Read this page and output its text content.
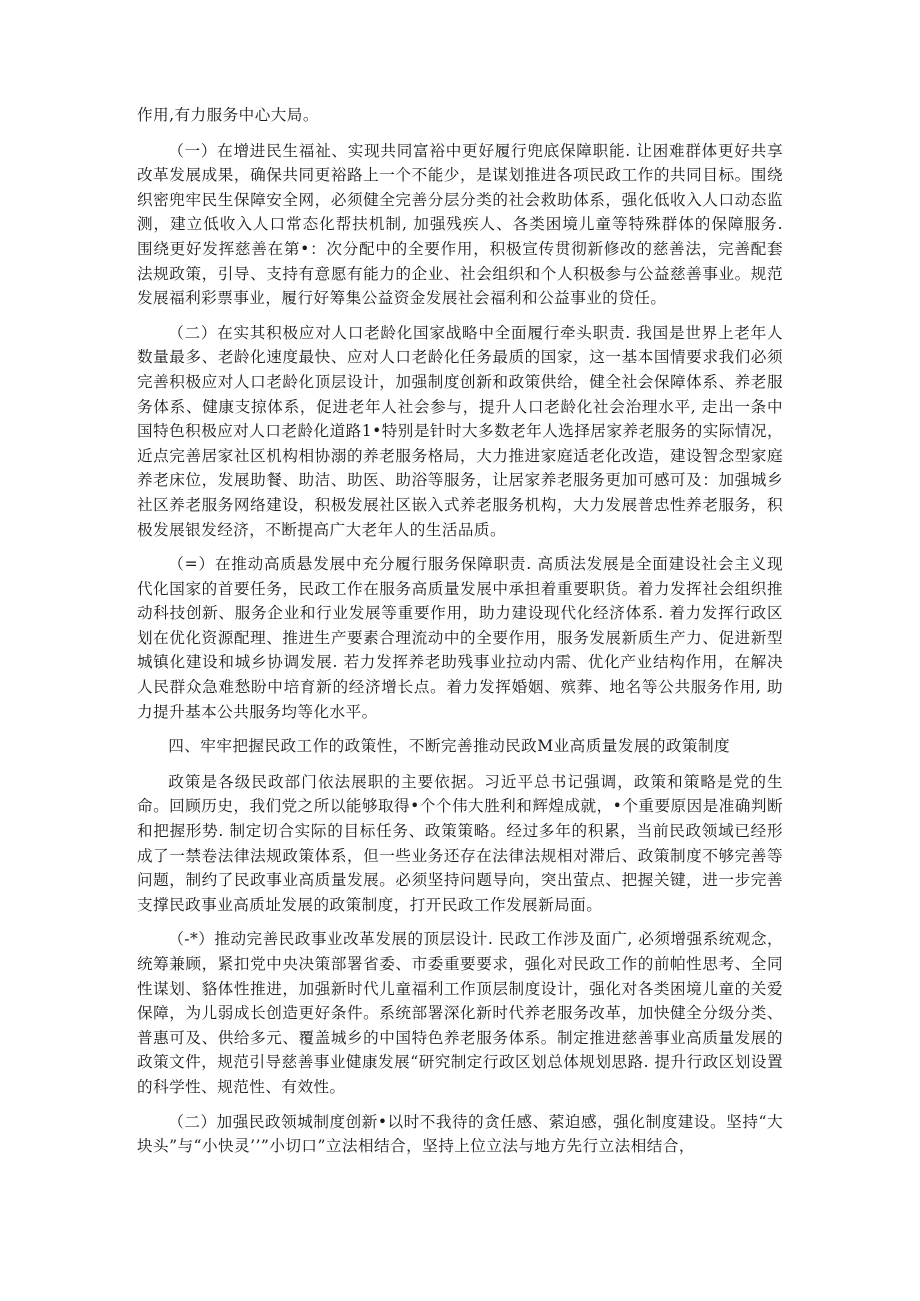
作用,有力服务中心大局。

（一）在增进民生福祉、实现共同富裕中更好履行兜底保障职能. 让困难群体更好共享改革发展成果，确保共同更裕路上一个不能少，是谋划推进各项民政工作的共同目标。围绕织密兜牢民生保障安全网，必须健全完善分层分类的社会救助体系，强化低收入人口动态监测，建立低收入人口常态化帮扶机制, 加强残疾人、各类困境儿童等特殊群体的保障服务. 围绕更好发挥慈善在第•：次分配中的全要作用，积极宣传贯彻新修改的慈善法，完善配套法规政策，引导、支持有意愿有能力的企业、社会组织和个人积极参与公益慈善事业。规范发展福利彩票事业，履行好筹集公益资金发展社会福利和公益事业的贷任。

（二）在实其积极应对人口老龄化国家战略中全面履行牵头职责. 我国是世界上老年人数量最多、老龄化速度最快、应对人口老龄化任务最质的国家，这一基本国情要求我们必须完善积极应对人口老龄化顶层设计，加强制度创新和政策供给，健全社会保障体系、养老服务体系、健康支掠体系，促进老年人社会参与，提升人口老龄化社会治理水平, 走出一条中国特色积极应对人口老龄化道路1•特别是针时大多数老年人选择居家养老服务的实际情况，近点完善居家社区机构相协溺的养老服务格局，大力推进家庭适老化改造，建设智念型家庭养老床位，发展助餐、助洁、助医、助浴等服务，让居家养老服务更加可感可及：加强城乡社区养老服务网络建设，积极发展社区嵌入式养老服务机构，大力发展普忠性养老服务，积极发展银发经济，不断提高广大老年人的生活品质。

（=）在推动高质悬发展中充分履行服务保障职责. 高质法发展是全面建设社会主义现代化国家的首要任务，民政工作在服务高质量发展中承担着重要职货。着力发挥社会组织推动科技创新、服务企业和行业发展等重要作用，助力建设现代化经济体系. 着力发挥行政区划在优化资源配理、推进生产要素合理流动中的全要作用，服务发展新质生产力、促进新型城镇化建设和城乡协调发展. 若力发挥养老助残事业拉动内需、优化产业结构作用，在解决人民群众急难愁盼中培育新的经济增长点。着力发挥婚姻、殡葬、地名等公共服务作用, 助力提升基本公共服务均等化水平。

四、牢牢把握民政工作的政策性，不断完善推动民政M业高质量发展的政策制度

政策是各级民政部门依法展职的主要依据。习近平总书记强调，政策和策略是党的生命。回顾历史，我们党之所以能够取得•个个伟大胜利和辉煌成就，•个重要原因是准确判断和把握形势. 制定切合实际的目标任务、政策策略。经过多年的积累，当前民政领域已经形成了一禁卷法律法规政策体系，但一些业务还存在法律法规相对滞后、政策制度不够完善等问题，制约了民政事业高质量发展。必须坚持问题导向，突出萤点、把握关键，进一步完善支撑民政事业高质址发展的政策制度，打开民政工作发展新局面。

（-*）推动完善民政事业改革发展的顶层设计. 民政工作涉及面广, 必须增强系统观念，统筹兼顾，紧扣党中央决策部署省委、市委重要要求，强化对民政工作的前帕性思考、全同性谋划、貉体性推进，加强新时代儿童福利工作顶层制度设计，强化对各类困境儿童的关爱保障，为儿弱成长创造更好条件。系统部署深化新时代养老服务改革，加快健全分级分类、普惠可及、供给多元、覆盖城乡的中国特色养老服务体系。制定推进慈善事业高质量发展的政策文件，规范引导慈善事业健康发展“研究制定行政区划总体规划思路. 提升行政区划设置的科学性、规范性、有效性。

（二）加强民政领城制度创新•以时不我待的贪任感、萦迫感，强化制度建设。坚持“大块头”与“小快灵’’”小切口”立法相结合，坚持上位立法与地方先行立法相结合，
